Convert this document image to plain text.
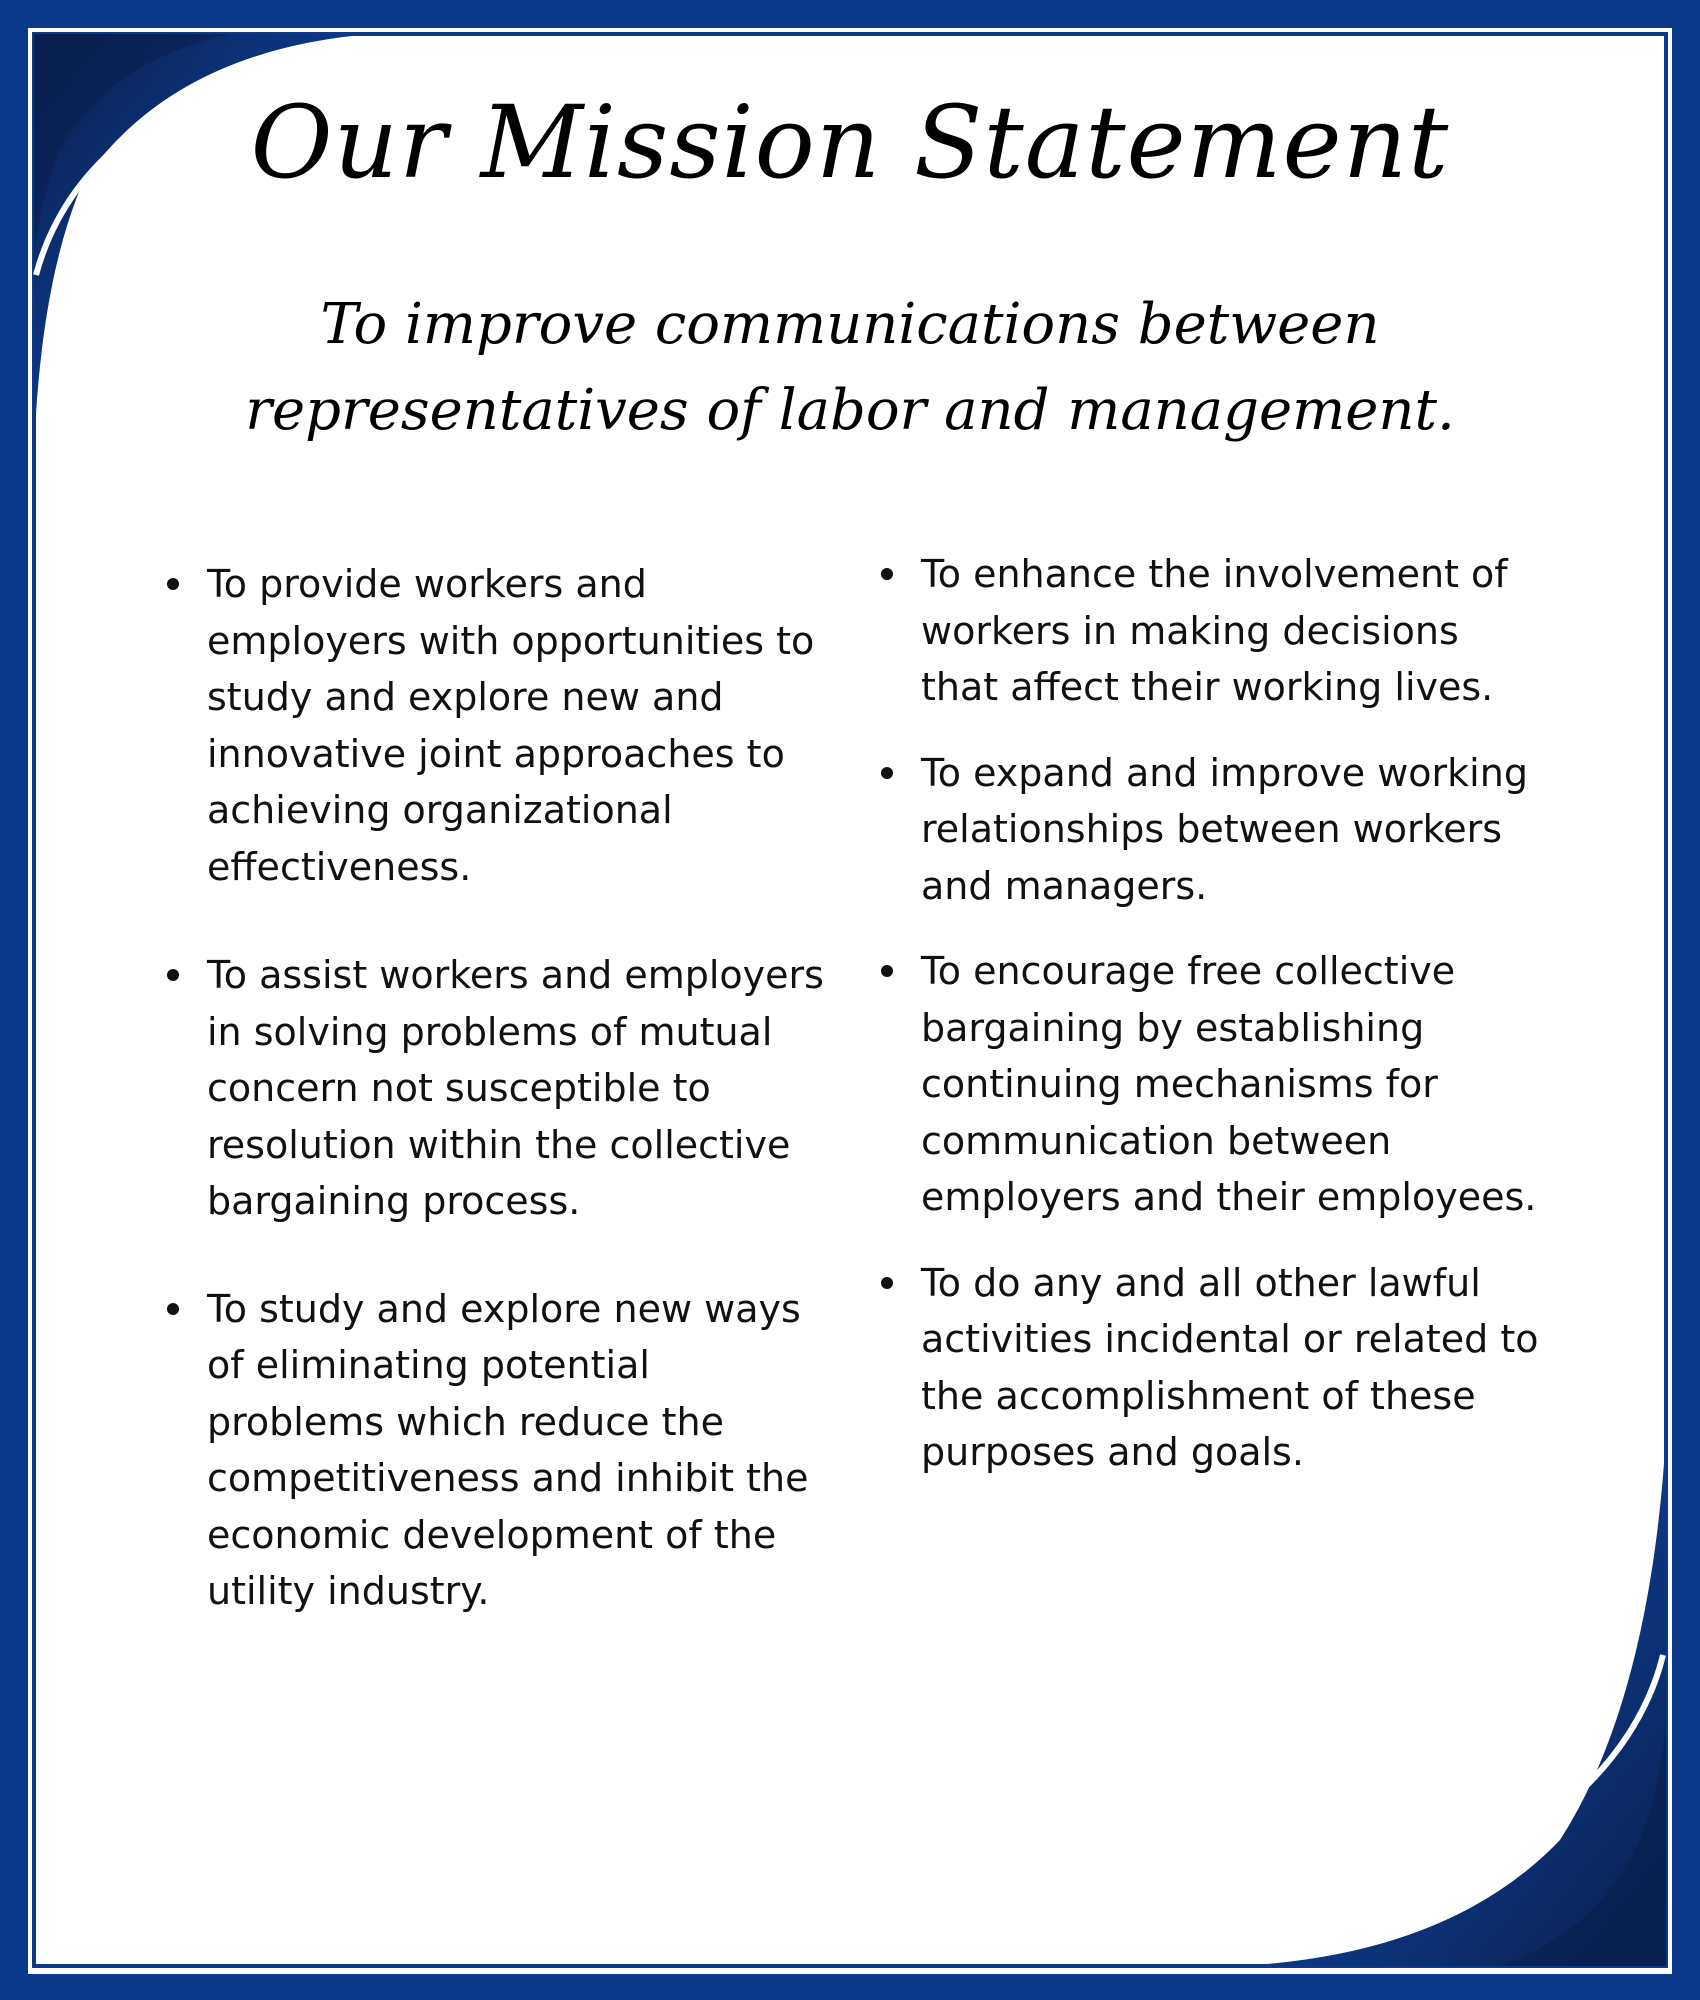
Our Mission Statement

To improve communications between representatives of labor and management.

To provide workers and employers with opportunities to study and explore new and innovative joint approaches to achieving organizational effectiveness.
To assist workers and employers in solving problems of mutual concern not susceptible to resolution within the collective bargaining process.
To study and explore new ways of eliminating potential problems which reduce the competitiveness and inhibit the economic development of the utility industry.
To enhance the involvement of workers in making decisions that affect their working lives.
To expand and improve working relationships between workers and managers.
To encourage free collective bargaining by establishing continuing mechanisms for communication between employers and their employees.
To do any and all other lawful activities incidental or related to the accomplishment of these purposes and goals.
